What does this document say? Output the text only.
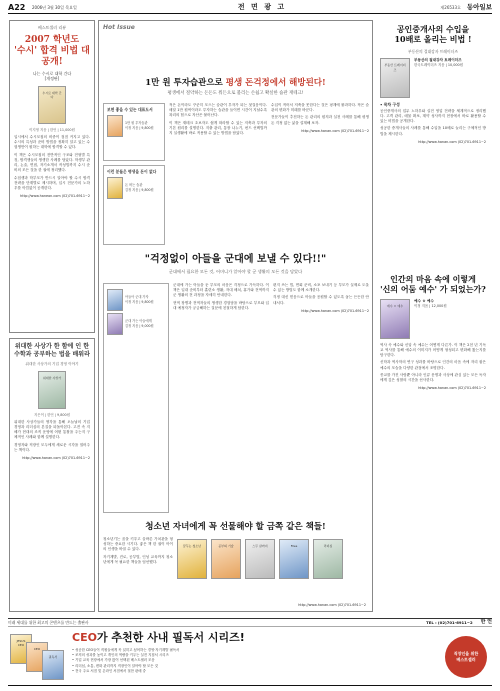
A22	2006년 3월 30일 목요일	전 면 광 고	제26533호 동아일보
베스트셀러 리뷰
2007 학년도
'수시' 합격 비법 대공개!
나는 수시로 대학 간다
[개정판]
수시로 대학 간다
이지영 지음 | 한언 | 11,000원

입시에서 수시모집의 비중이 점점 커지고 있다. 수시의 특성과 준비 방법을 정확히 알고 있는 수험생만이 원하는 대학에 합격할 수 있다.

이 책은 수시모집의 전반적인 구조와 전형별 특징, 합격생들의 생생한 사례를 담았다. 학생부 관리, 논술, 면접, 자기소개서 작성법까지 수시 준비의 모든 것을 한 권에 정리했다.

수험생과 학부모가 반드시 알아야 할 수시 합격 전략을 단계별로 제시하며, 입시 전문가의 노하우를 아낌없이 공개한다.

http://www.haneon.com (02)701-6911~2
위대한 사상가 한 함에 인 한 수학과 공부하는 법을 배워라
위대한 사상가의 기업 경영 이야기
위대한 사상가
지은이 | 한언 | 9,800원

위대한 사상가들의 생각을 통해 오늘날의 기업 경영과 리더십의 본질을 되돌아본다. 고전 속 지혜가 현대의 조직 운영에 어떤 통찰을 주는지 구체적인 사례와 함께 설명한다.

경영자와 직장인 모두에게 새로운 시각을 열어주는 책이다.

http://www.hanan.com (02)701-6911~2
Hot Issue
1만 원 투자습관으로 평생 돈걱정에서 해방된다!
평생에서 절약하는 돈돈도 뭐든으로 불리는 손쉽고 확실한 습관 재테크!
보면 좋을 수 있는 대표도서
1만 원 투자습관
이정 지음 | 9,800원
이런 분들은 평생을 돈이 없다
돈 버는 습관
김정 지음 | 9,800원

적은 돈이라도 꾸준히 모으는 습관이 부자가 되는 첫걸음이다. 매달 1만 원씩이라도 투자하는 습관을 들이면 시간이 지날수록 복리의 힘으로 자산은 불어난다.

이 책은 재테크 초보자도 쉽게 따라할 수 있는 저축과 투자의 기본 원리를 설명한다. 지출 관리, 통장 나누기, 펀드 선택법까지 실생활에 바로 적용할 수 있는 방법을 담았다.

수입이 적어서 저축을 못한다는 것은 핑계에 불과하다. 작은 습관의 변화가 미래를 바꾼다.

전문가들이 추천하는 돈 관리의 원칙과 실천 사례를 통해 평생 돈 걱정 없는 삶을 설계해 보자.

http://www.hanan.com (02)701-6911~2
"걱정없이 아들을 군대에 보낼 수 있다!!"
군대에서 필요한 모든 것, 어머니가 알아야 할 군 생활의 모든 것을 담았다
아들아 군대 가자
이정 지음 | 9,800원
군대 가는 아들에게
김정 지음 | 9,000원

군대에 가는 아들을 둔 부모의 마음은 걱정으로 가득하다. 이 책은 입대 준비부터 훈련소 생활, 자대 배치, 휴가와 전역까지 군 생활의 전 과정을 자세히 안내한다.

현역 장병과 전역자들의 생생한 경험담을 바탕으로 부모와 입대 예정자가 궁금해하는 질문에 친절하게 답한다.

편지 쓰는 법, 면회 준비, 소포 보내기 등 부모가 실제로 도울 수 있는 방법도 함께 소개한다.

걱정 대신 믿음으로 아들을 응원할 수 있도록 돕는 든든한 안내서다.

http://www.hanan.com (02)701-6911~2
청소년 자녀에게 꼭 선물해야 할 금쪽 같은 책들!

청소년기는 꿈을 키우고 올바른 가치관을 형성하는 중요한 시기다. 좋은 책 한 권이 아이의 인생을 바꿀 수 있다.

자기계발, 진로, 공부법, 인성 교육까지 청소년에게 꼭 필요한 책들을 엄선했다.

꿈꾸는 청소년	공부의 기술	스무 살까지	Files	리더십
http://www.hanan.com (02)701-6911~2
공인중개사의 수입을
10배로 올리는 비법 !
부동산의 절대강자 트레이더즈
부동산 트레이더즈
부동산의 절대강자 트레이더즈
한국트레이더즈 지음 | 10,000원
• 목차 구성

공인중개사의 업무 노하우와 실전 영업 전략을 체계적으로 정리했다. 고객 관리, 매물 확보, 계약 성사까지 현장에서 바로 활용할 수 있는 비법을 공개한다.

성공한 중개사들의 사례를 통해 수입을 10배로 늘리는 구체적인 방법을 제시한다.

http://www.hanan.com (02)701-6911~2
인간의 마음 속에 이렇게
'신의 어둠 예수' 가 되었는가?
예수 ㅎ 예수
예수 ㅎ 예수
이정 지음 | 12,000원

역사 속 예수와 신앙 속 예수는 어떻게 다른가. 이 책은 2천 년 기독교 역사를 통해 예수의 이미지가 어떻게 형성되고 변화해 왔는지를 탐구한다.

신학과 역사학의 연구 성과를 바탕으로 인간의 마음 속에 자리 잡은 예수의 모습을 다양한 관점에서 조명한다.

종교를 가진 사람뿐 아니라 인류 문명과 사상에 관심 있는 모든 독자에게 깊은 성찰의 시간을 선사한다.

http://www.hanan.com (02)701-6911~2
미래 세대를 위한 최고의 콘텐츠를 만드는 출판사	TEL : (02)701-6911~2 한 언
JESUS CEO
CEO
필독서
CEO가 추천한 사내 필독서 시리즈!
• 성공한 CEO들이 직원들에게 꼭 읽히고 싶어하는 경영·자기계발 필독서
• 조직의 성과를 높이고 개인의 역량을 키우는 실전 지침서 시리즈
• 기업 교육 현장에서 가장 많이 선택된 베스트셀러 모음
• 리더십, 소통, 변화 관리까지 직장인이 알아야 할 모든 것
• 전국 주요 서점 및 온라인 서점에서 절찬 판매 중
직장인을 위한
베스트셀러
